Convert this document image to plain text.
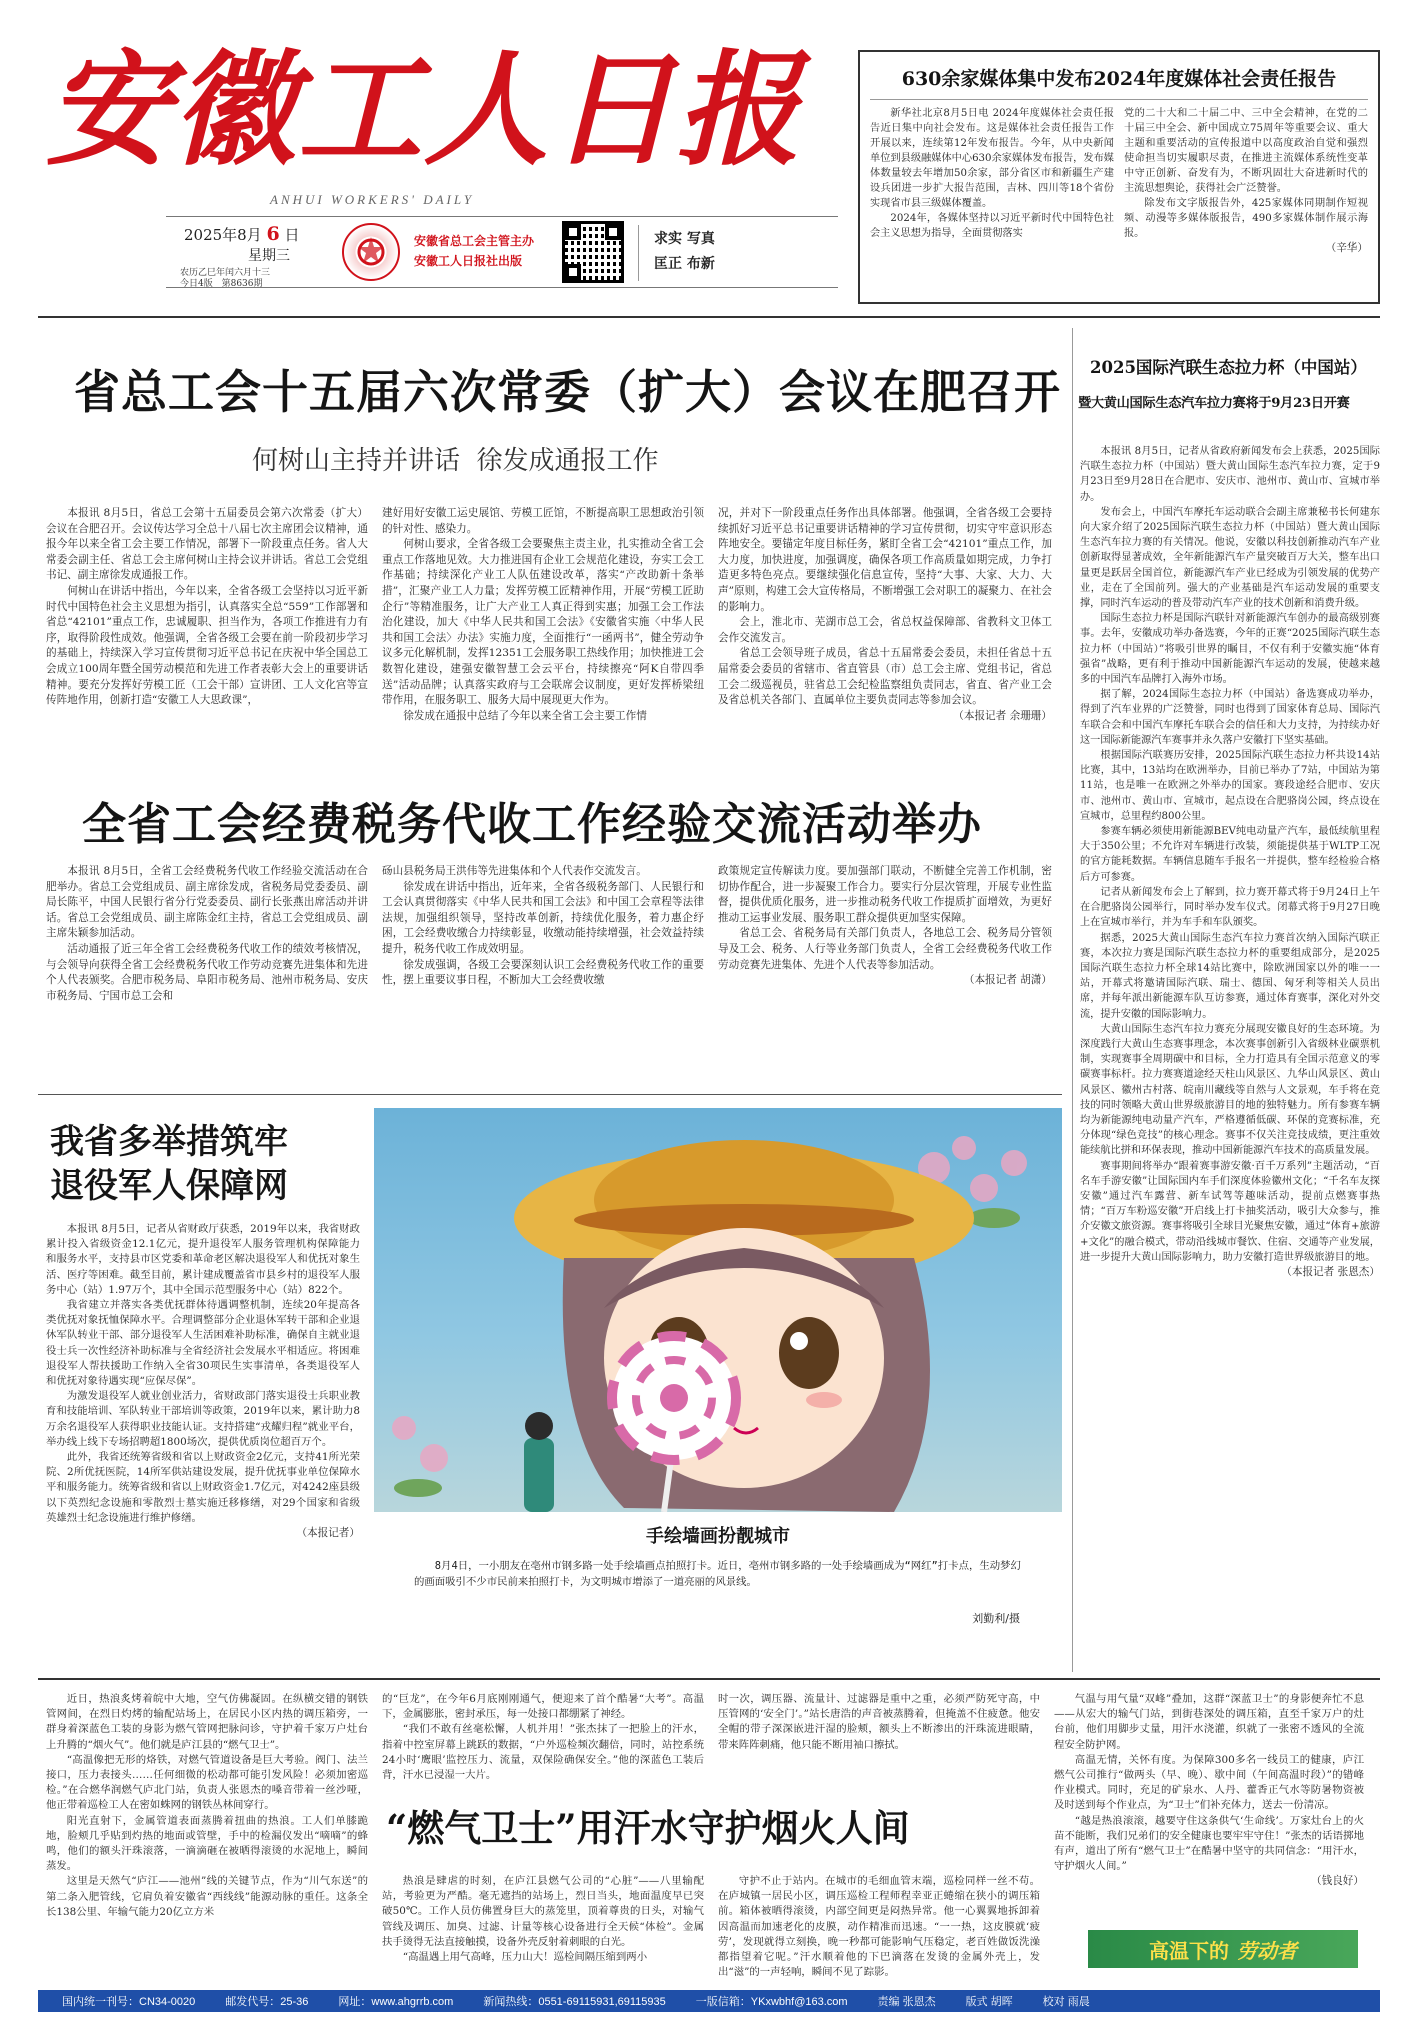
安徽工人日报
ANHUI WORKERS' DAILY
2025年8月 6 日
星期三
农历乙巳年闰六月十三
今日4版 第8636期
安徽省总工会主管主办
安徽工人日报社出版
求实 写真
匡正 布新
630余家媒体集中发布2024年度媒体社会责任报告

新华社北京8月5日电 2024年度媒体社会责任报告近日集中向社会发布。这是媒体社会责任报告工作开展以来，连续第12年发布报告。今年，从中央新闻单位到县级融媒体中心630余家媒体发布报告，发布媒体数量较去年增加50余家，部分省区市和新疆生产建设兵团进一步扩大报告范围，吉林、四川等18个省份实现省市县三级媒体覆盖。

2024年，各媒体坚持以习近平新时代中国特色社会主义思想为指导，全面贯彻落实

党的二十大和二十届二中、三中全会精神，在党的二十届三中全会、新中国成立75周年等重要会议、重大主题和重要活动的宣传报道中以高度政治自觉和强烈使命担当切实履职尽责，在推进主流媒体系统性变革中守正创新、奋发有为，不断巩固壮大奋进新时代的主流思想舆论，获得社会广泛赞誉。

除发布文字版报告外，425家媒体同期制作短视频、动漫等多媒体版报告，490多家媒体制作展示海报。

（辛华）
省总工会十五届六次常委（扩大）会议在肥召开
何树山主持并讲话  徐发成通报工作

本报讯 8月5日，省总工会第十五届委员会第六次常委（扩大）会议在合肥召开。会议传达学习全总十八届七次主席团会议精神，通报今年以来全省工会主要工作情况，部署下一阶段重点任务。省人大常委会副主任、省总工会主席何树山主持会议并讲话。省总工会党组书记、副主席徐发成通报工作。

何树山在讲话中指出，今年以来，全省各级工会坚持以习近平新时代中国特色社会主义思想为指引，认真落实全总“559”工作部署和省总“42101”重点工作，忠诚履职、担当作为，各项工作推进有力有序，取得阶段性成效。他强调，全省各级工会要在前一阶段初步学习的基础上，持续深入学习宣传贯彻习近平总书记在庆祝中华全国总工会成立100周年暨全国劳动模范和先进工作者表彰大会上的重要讲话精神。要充分发挥好劳模工匠（工会干部）宣讲团、工人文化宫等宣传阵地作用，创新打造“安徽工人大思政课”，

建好用好安徽工运史展馆、劳模工匠馆，不断提高职工思想政治引领的针对性、感染力。

何树山要求，全省各级工会要聚焦主责主业，扎实推动全省工会重点工作落地见效。大力推进国有企业工会规范化建设，夯实工会工作基础；持续深化产业工人队伍建设改革，落实“产改助新十条举措”，汇聚产业工人力量；发挥劳模工匠精神作用，开展“劳模工匠助企行”等精准服务，让广大产业工人真正得到实惠；加强工会工作法治化建设，加大《中华人民共和国工会法》《安徽省实施〈中华人民共和国工会法〉办法》实施力度，全面推行“一函两书”，健全劳动争议多元化解机制，发挥12351工会服务职工热线作用；加快推进工会数智化建设，建强安徽智慧工会云平台，持续擦亮“阿K自带四季送”活动品牌；认真落实政府与工会联席会议制度，更好发挥桥梁纽带作用，在服务职工、服务大局中展现更大作为。

徐发成在通报中总结了今年以来全省工会主要工作情

况，并对下一阶段重点任务作出具体部署。他强调，全省各级工会要持续抓好习近平总书记重要讲话精神的学习宣传贯彻，切实守牢意识形态阵地安全。要锚定年度目标任务，紧盯全省工会“42101”重点工作，加大力度，加快进度，加强调度，确保各项工作高质量如期完成，力争打造更多特色亮点。要继续强化信息宣传，坚持“大事、大家、大力、大声”原则，构建工会大宣传格局，不断增强工会对职工的凝聚力、在社会的影响力。

会上，淮北市、芜湖市总工会，省总权益保障部、省教科文卫体工会作交流发言。

省总工会领导班子成员，省总十五届常委会委员，未担任省总十五届常委会委员的省辖市、省直管县（市）总工会主席、党组书记，省总工会二级巡视员，驻省总工会纪检监察组负责同志，省直、省产业工会及省总机关各部门、直属单位主要负责同志等参加会议。

（本报记者 余珊珊）
全省工会经费税务代收工作经验交流活动举办

本报讯 8月5日，全省工会经费税务代收工作经验交流活动在合肥举办。省总工会党组成员、副主席徐发成，省税务局党委委员、副局长陈平，中国人民银行省分行党委委员、副行长张燕出席活动并讲话。省总工会党组成员、副主席陈金红主持，省总工会党组成员、副主席朱颖参加活动。

活动通报了近三年全省工会经费税务代收工作的绩效考核情况，与会领导向获得全省工会经费税务代收工作劳动竞赛先进集体和先进个人代表颁奖。合肥市税务局、阜阳市税务局、池州市税务局、安庆市税务局、宁国市总工会和

砀山县税务局王洪伟等先进集体和个人代表作交流发言。

徐发成在讲话中指出，近年来，全省各级税务部门、人民银行和工会认真贯彻落实《中华人民共和国工会法》和中国工会章程等法律法规，加强组织领导，坚持改革创新，持续优化服务，着力惠企纾困，工会经费收缴合力持续彰显，收缴动能持续增强，社会效益持续提升，税务代收工作成效明显。

徐发成强调，各级工会要深刻认识工会经费税务代收工作的重要性，摆上重要议事日程，不断加大工会经费收缴

政策规定宣传解读力度。要加强部门联动，不断健全完善工作机制，密切协作配合，进一步凝聚工作合力。要实行分层次管理，开展专业性监督，提供优质化服务，进一步推动税务代收工作提质扩面增效，为更好推动工运事业发展、服务职工群众提供更加坚实保障。

省总工会、省税务局有关部门负责人，各地总工会、税务局分管领导及工会、税务、人行等业务部门负责人，全省工会经费税务代收工作劳动竞赛先进集体、先进个人代表等参加活动。

（本报记者 胡潇）
我省多举措筑牢
退役军人保障网

本报讯 8月5日，记者从省财政厅获悉，2019年以来，我省财政累计投入省级资金12.1亿元，提升退役军人服务管理机构保障能力和服务水平，支持县市区党委和革命老区解决退役军人和优抚对象生活、医疗等困难。截至目前，累计建成覆盖省市县乡村的退役军人服务中心（站）1.97万个，其中全国示范型服务中心（站）822个。

我省建立并落实各类优抚群体待遇调整机制，连续20年提高各类优抚对象抚恤保障水平。合理调整部分企业退休军转干部和企业退休军队转业干部、部分退役军人生活困难补助标准，确保自主就业退役士兵一次性经济补助标准与全省经济社会发展水平相适应。将困难退役军人帮扶援助工作纳入全省30项民生实事清单，各类退役军人和优抚对象待遇实现“应保尽保”。

为激发退役军人就业创业活力，省财政部门落实退役士兵职业教育和技能培训、军队转业干部培训等政策，2019年以来，累计助力8万余名退役军人获得职业技能认证。支持搭建“戎耀归程”就业平台，举办线上线下专场招聘超1800场次，提供优质岗位超百万个。

此外，我省还统筹省级和省以上财政资金2亿元，支持41所光荣院、2所优抚医院，14所军供站建设发展，提升优抚事业单位保障水平和服务能力。统筹省级和省以上财政资金1.7亿元，对4242座县级以下英烈纪念设施和零散烈士墓实施迁移修缮，对29个国家和省级英雄烈士纪念设施进行维护修缮。

（本报记者）	手绘墙画扮靓城市
8月4日，一小朋友在亳州市钢多路一处手绘墙画点拍照打卡。近日，亳州市钢多路的一处手绘墙画成为“网红”打卡点，生动梦幻的画面吸引不少市民前来拍照打卡，为文明城市增添了一道亮丽的风景线。
刘勤利/摄
2025国际汽联生态拉力杯（中国站）
暨大黄山国际生态汽车拉力赛将于9月23日开赛

本报讯 8月5日，记者从省政府新闻发布会上获悉，2025国际汽联生态拉力杯（中国站）暨大黄山国际生态汽车拉力赛，定于9月23日至9月28日在合肥市、安庆市、池州市、黄山市、宣城市举办。

发布会上，中国汽车摩托车运动联合会副主席兼秘书长何建东向大家介绍了2025国际汽联生态拉力杯（中国站）暨大黄山国际生态汽车拉力赛的有关情况。他说，安徽以科技创新推动汽车产业创新取得显著成效，全年新能源汽车产量突破百万大关，整车出口量更是跃居全国首位，新能源汽车产业已经成为引领发展的优势产业，走在了全国前列。强大的产业基础是汽车运动发展的重要支撑，同时汽车运动的普及带动汽车产业的技术创新和消费升级。

国际生态拉力杯是国际汽联针对新能源汽车创办的最高级别赛事。去年，安徽成功举办备选赛，今年的正赛“2025国际汽联生态拉力杯（中国站）”将吸引世界的瞩目，不仅有利于安徽实施“体育强省”战略，更有利于推动中国新能源汽车运动的发展，使越来越多的中国汽车品牌打入海外市场。

据了解，2024国际生态拉力杯（中国站）备选赛成功举办，得到了汽车业界的广泛赞誉，同时也得到了国家体育总局、国际汽车联合会和中国汽车摩托车联合会的信任和大力支持，为持续办好这一国际新能源汽车赛事并永久落户安徽打下坚实基础。

根据国际汽联赛历安排，2025国际汽联生态拉力杯共设14站比赛，其中，13站均在欧洲举办，目前已举办了7站，中国站为第11站，也是唯一在欧洲之外举办的国家。赛段途经合肥市、安庆市、池州市、黄山市、宣城市，起点设在合肥骆岗公园，终点设在宣城市，总里程约800公里。

参赛车辆必须使用新能源BEV纯电动量产汽车，最低续航里程大于350公里；不允许对车辆进行改装，须能提供基于WLTP工况的官方能耗数据。车辆信息随车手报名一并提供，整车经检验合格后方可参赛。

记者从新闻发布会上了解到，拉力赛开幕式将于9月24日上午在合肥骆岗公园举行，同时举办发车仪式。闭幕式将于9月27日晚上在宣城市举行，并为车手和车队颁奖。

据悉，2025大黄山国际生态汽车拉力赛首次纳入国际汽联正赛，本次拉力赛是国际汽联生态拉力杯的重要组成部分，是2025国际汽联生态拉力杯全球14站比赛中，除欧洲国家以外的唯一一站，开幕式将邀请国际汽联、瑞士、德国、匈牙利等相关人员出席，并每年派出新能源车队互访参赛，通过体育赛事，深化对外交流，提升安徽的国际影响力。

大黄山国际生态汽车拉力赛充分展现安徽良好的生态环境。为深度践行大黄山生态赛事理念，本次赛事创新引入省级林业碳票机制，实现赛事全周期碳中和目标，全力打造具有全国示范意义的零碳赛事标杆。拉力赛赛道途经天柱山风景区、九华山风景区、黄山风景区、徽州古村落、皖南川藏线等自然与人文景观，车手将在竞技的同时领略大黄山世界级旅游目的地的独特魅力。所有参赛车辆均为新能源纯电动量产汽车，严格遵循低碳、环保的竞赛标准，充分体现“绿色竞技”的核心理念。赛事不仅关注竞技成绩，更注重效能续航比拼和环保表现，推动中国新能源汽车技术的高质量发展。

赛事期间将举办“跟着赛事游安徽·百千万系列”主题活动，“百名车手游安徽”让国际国内车手们深度体验徽州文化；“千名车友探安徽”通过汽车露营、新车试驾等趣味活动，提前点燃赛事热情；“百万车粉巡安徽”开启线上打卡抽奖活动，吸引大众参与，推介安徽文旅资源。赛事将吸引全球目光聚焦安徽，通过“体育+旅游+文化”的融合模式，带动沿线城市餐饮、住宿、交通等产业发展，进一步提升大黄山国际影响力，助力安徽打造世界级旅游目的地。

（本报记者 张恩杰）

近日，热浪炙烤着皖中大地，空气仿佛凝固。在纵横交错的钢铁管网间，在烈日灼烤的输配站场上，在居民小区内热的调压箱旁，一群身着深蓝色工装的身影为燃气管网把脉问诊，守护着千家万户灶台上升腾的“烟火气”。他们就是庐江县的“燃气卫士”。

“高温像把无形的烙铁，对燃气管道设备是巨大考验。阀门、法兰接口，压力表接头……任何细微的松动都可能引发风险！必须加密巡检。”在合燃华润燃气庐北门站，负责人张恩杰的嗓音带着一丝沙哑，他正带着巡检工人在密如蛛网的钢铁丛林间穿行。

阳光直射下，金属管道表面蒸腾着扭曲的热浪。工人们单膝跪地，脸颊几乎贴到灼热的地面或管壁，手中的检漏仪发出“嘀嘀”的蜂鸣，他们的额头汗珠滚落，一滴滴砸在被晒得滚烫的水泥地上，瞬间蒸发。

这里是天然气“庐江——池州”线的关键节点，作为“川气东送”的第二条入肥管线，它肩负着安徽省“西线线”能源动脉的重任。这条全长138公里、年输气能力20亿立方米

“燃气卫士”用汗水守护烟火人间

的“巨龙”，在今年6月底刚刚通气，便迎来了首个酷暑“大考”。高温下，金属膨胀，密封承压，每一处接口都绷紧了神经。

“我们不敢有丝毫松懈，人机并用！”张杰抹了一把脸上的汗水，指着中控室屏幕上跳跃的数据，“户外巡检频次翻倍，同时，站控系统24小时‘鹰眼’监控压力、流量，双保险确保安全。”他的深蓝色工装后背，汗水已浸湿一大片。

热浪是肆虐的时刻，在庐江县燃气公司的“心脏”——八里输配站，考验更为严酷。毫无遮挡的站场上，烈日当头，地面温度早已突破50℃。工作人员仿佛置身巨大的蒸笼里，顶着尊贵的日头，对输气管线及调压、加臭、过滤、计量等核心设备进行全天候“体检”。金属扶手烫得无法直接触摸，设备外壳反射着刺眼的白光。

“高温遇上用气高峰，压力山大！巡检间隔压缩到两小

时一次，调压器、流量计、过滤器是重中之重，必须严防死守高，中压管网的‘安全门’。”站长唐浩的声音被蒸腾着，但掩盖不住疲惫。他安全帽的带子深深嵌进汗湿的脸颊，额头上不断渗出的汗珠流进眼睛，带来阵阵刺痛，他只能不断用袖口擦拭。

守护不止于站内。在城市的毛细血管末端，巡检同样一丝不苟。在庐城镇一居民小区，调压巡检工程师程幸亚正蜷缩在狭小的调压箱前。箱体被晒得滚烫，内部空间更是闷热异常。他一心翼翼地拆卸着因高温而加速老化的皮膜，动作精准而迅速。“一一热，这皮膜就‘疲劳’，发现就得立刻换，晚一秒都可能影响气压稳定，老百姓做饭洗澡都指望着它呢。”汗水顺着他的下巴滴落在发烫的金属外壳上，发出“滋”的一声轻响，瞬间不见了踪影。

气温与用气量“双峰”叠加，这群“深蓝卫士”的身影便奔忙不息——从宏大的输气门站，到街巷深处的调压箱，直至千家万户的灶台前，他们用脚步丈量，用汗水浇灌，织就了一张密不透风的全流程安全防护网。

高温无情，关怀有度。为保障300多名一线员工的健康，庐江燃气公司推行“做两头（早、晚）、歇中间（午间高温时段）”的错峰作业模式。同时，充足的矿泉水、人丹、藿香正气水等防暑物资被及时送到每个作业点，为“卫士”们补充体力，送去一份清凉。

“越是热浪滚滚，越要守住这条供气‘生命线’。万家灶台上的火苗不能断，我们兄弟们的安全健康也要牢牢守住！”张杰的话语掷地有声，道出了所有“燃气卫士”在酷暑中坚守的共同信念：“用汗水，守护烟火人间。”

（钱良好）
高温下的 劳动者
国内统一刊号：CN34-0020	邮发代号：25-36	网址：www.ahgrrb.com	新闻热线：0551-69115931,69115935	一版信箱：YKxwbhf@163.com	责编 张恩杰	版式 胡晖	校对 雨晨
